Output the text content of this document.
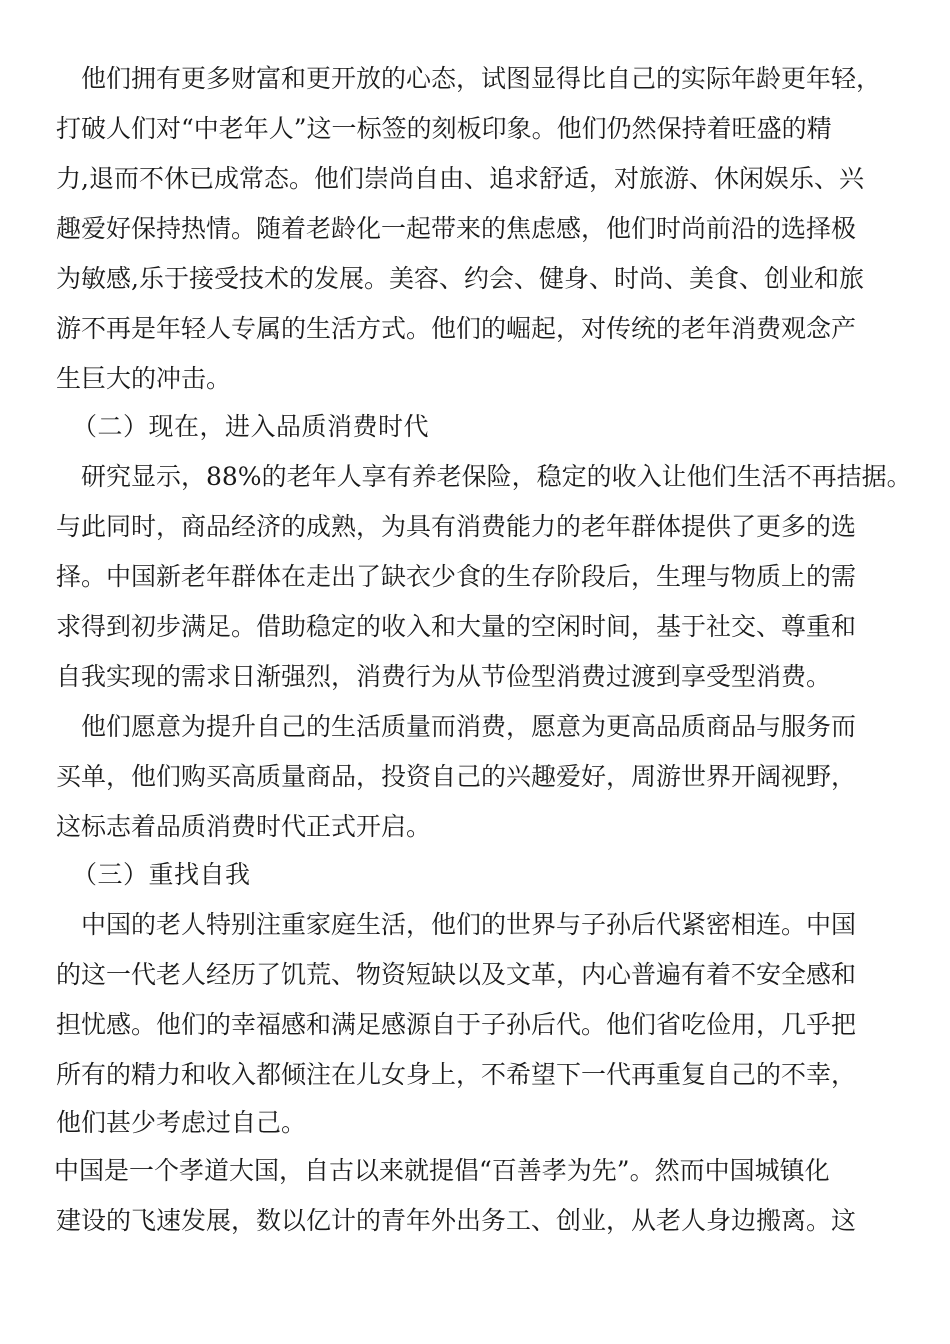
　他们拥有更多财富和更开放的心态，试图显得比自己的实际年龄更年轻，
打破人们对“中老年人”这一标签的刻板印象。他们仍然保持着旺盛的精
力,退而不休已成常态。他们崇尚自由、追求舒适，对旅游、休闲娱乐、兴
趣爱好保持热情。随着老龄化一起带来的焦虑感，他们时尚前沿的选择极
为敏感,乐于接受技术的发展。美容、约会、健身、时尚、美食、创业和旅
游不再是年轻人专属的生活方式。他们的崛起，对传统的老年消费观念产
生巨大的冲击。
（二）现在，进入品质消费时代
　研究显示，88%的老年人享有养老保险，稳定的收入让他们生活不再拮据。
与此同时，商品经济的成熟，为具有消费能力的老年群体提供了更多的选
择。中国新老年群体在走出了缺衣少食的生存阶段后，生理与物质上的需
求得到初步满足。借助稳定的收入和大量的空闲时间，基于社交、尊重和
自我实现的需求日渐强烈，消费行为从节俭型消费过渡到享受型消费。
　他们愿意为提升自己的生活质量而消费，愿意为更高品质商品与服务而
买单，他们购买高质量商品，投资自己的兴趣爱好，周游世界开阔视野，
这标志着品质消费时代正式开启。
（三）重找自我
　中国的老人特别注重家庭生活，他们的世界与子孙后代紧密相连。中国
的这一代老人经历了饥荒、物资短缺以及文革，内心普遍有着不安全感和
担忧感。他们的幸福感和满足感源自于子孙后代。他们省吃俭用，几乎把
所有的精力和收入都倾注在儿女身上，不希望下一代再重复自己的不幸，
他们甚少考虑过自己。
中国是一个孝道大国，自古以来就提倡“百善孝为先”。然而中国城镇化
建设的飞速发展，数以亿计的青年外出务工、创业，从老人身边搬离。这
